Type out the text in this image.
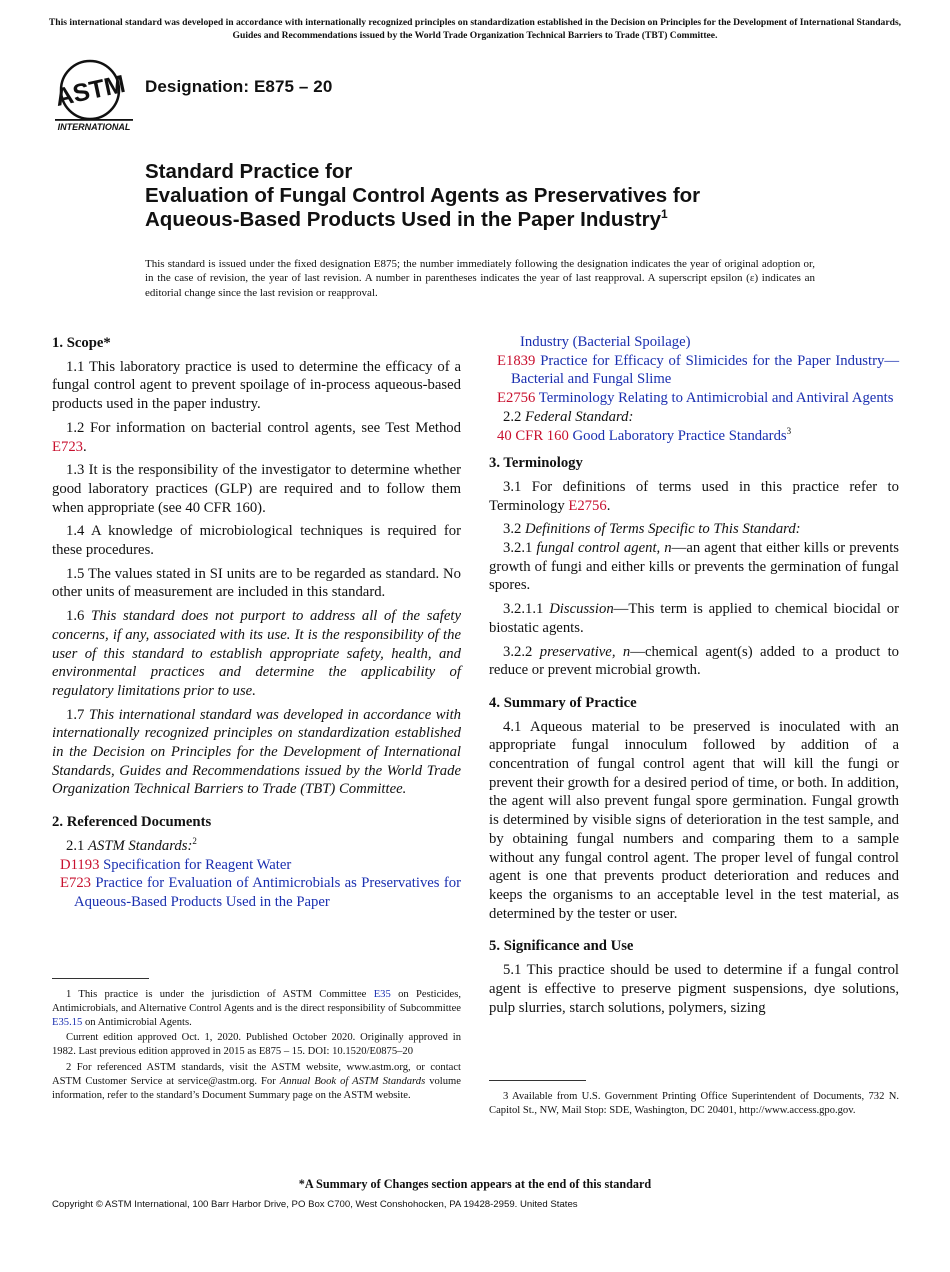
This international standard was developed in accordance with internationally recognized principles on standardization established in the Decision on Principles for the Development of International Standards, Guides and Recommendations issued by the World Trade Organization Technical Barriers to Trade (TBT) Committee.
ASTM
INTERNATIONAL
Designation: E875 – 20
Standard Practice for
Evaluation of Fungal Control Agents as Preservatives for
Aqueous-Based Products Used in the Paper Industry$^1$
This standard is issued under the fixed designation E875; the number immediately following the designation indicates the year of original adoption or, in the case of revision, the year of last revision. A number in parentheses indicates the year of last reapproval. A superscript epsilon (ε) indicates an editorial change since the last revision or reapproval.

1. Scope*

1.1 This laboratory practice is used to determine the efficacy of a fungal control agent to prevent spoilage of in-process aqueous-based products used in the paper industry.

1.2 For information on bacterial control agents, see Test Method E723.

1.3 It is the responsibility of the investigator to determine whether good laboratory practices (GLP) are required and to follow them when appropriate (see 40 CFR 160).

1.4 A knowledge of microbiological techniques is required for these procedures.

1.5 The values stated in SI units are to be regarded as standard. No other units of measurement are included in this standard.

1.6 This standard does not purport to address all of the safety concerns, if any, associated with its use. It is the responsibility of the user of this standard to establish appropriate safety, health, and environmental practices and determine the applicability of regulatory limitations prior to use.

1.7 This international standard was developed in accordance with internationally recognized principles on standardization established in the Decision on Principles for the Development of International Standards, Guides and Recommendations issued by the World Trade Organization Technical Barriers to Trade (TBT) Committee.

2. Referenced Documents

2.1 ASTM Standards:$^2$

D1193 Specification for Reagent Water

E723 Practice for Evaluation of Antimicrobials as Preservatives for Aqueous-Based Products Used in the Paper

1 This practice is under the jurisdiction of ASTM Committee E35 on Pesticides, Antimicrobials, and Alternative Control Agents and is the direct responsibility of Subcommittee E35.15 on Antimicrobial Agents.

Current edition approved Oct. 1, 2020. Published October 2020. Originally approved in 1982. Last previous edition approved in 2015 as E875 – 15. DOI: 10.1520/E0875–20

2 For referenced ASTM standards, visit the ASTM website, www.astm.org, or contact ASTM Customer Service at service@astm.org. For Annual Book of ASTM Standards volume information, refer to the standard’s Document Summary page on the ASTM website.

Industry (Bacterial Spoilage)

E1839 Practice for Efficacy of Slimicides for the Paper Industry—Bacterial and Fungal Slime

E2756 Terminology Relating to Antimicrobial and Antiviral Agents

2.2 Federal Standard:

40 CFR 160 Good Laboratory Practice Standards$^3$

3. Terminology

3.1 For definitions of terms used in this practice refer to Terminology E2756.

3.2 Definitions of Terms Specific to This Standard:

3.2.1 fungal control agent, n—an agent that either kills or prevents growth of fungi and either kills or prevents the germination of fungal spores.

3.2.1.1 Discussion—This term is applied to chemical biocidal or biostatic agents.

3.2.2 preservative, n—chemical agent(s) added to a product to reduce or prevent microbial growth.

4. Summary of Practice

4.1 Aqueous material to be preserved is inoculated with an appropriate fungal innoculum followed by addition of a concentration of fungal control agent that will kill the fungi or prevent their growth for a desired period of time, or both. In addition, the agent will also prevent fungal spore germination. Fungal growth is determined by visible signs of deterioration in the test sample, and by obtaining fungal numbers and comparing them to a sample without any fungal control agent. The proper level of fungal control agent is one that prevents product deterioration and reduces and keeps the organisms to an acceptable level in the test material, as determined by the tester or user.

5. Significance and Use

5.1 This practice should be used to determine if a fungal control agent is effective to preserve pigment suspensions, dye solutions, pulp slurries, starch solutions, polymers, sizing

3 Available from U.S. Government Printing Office Superintendent of Documents, 732 N. Capitol St., NW, Mail Stop: SDE, Washington, DC 20401, http://www.access.gpo.gov.

*A Summary of Changes section appears at the end of this standard
Copyright © ASTM International, 100 Barr Harbor Drive, PO Box C700, West Conshohocken, PA 19428-2959. United States
